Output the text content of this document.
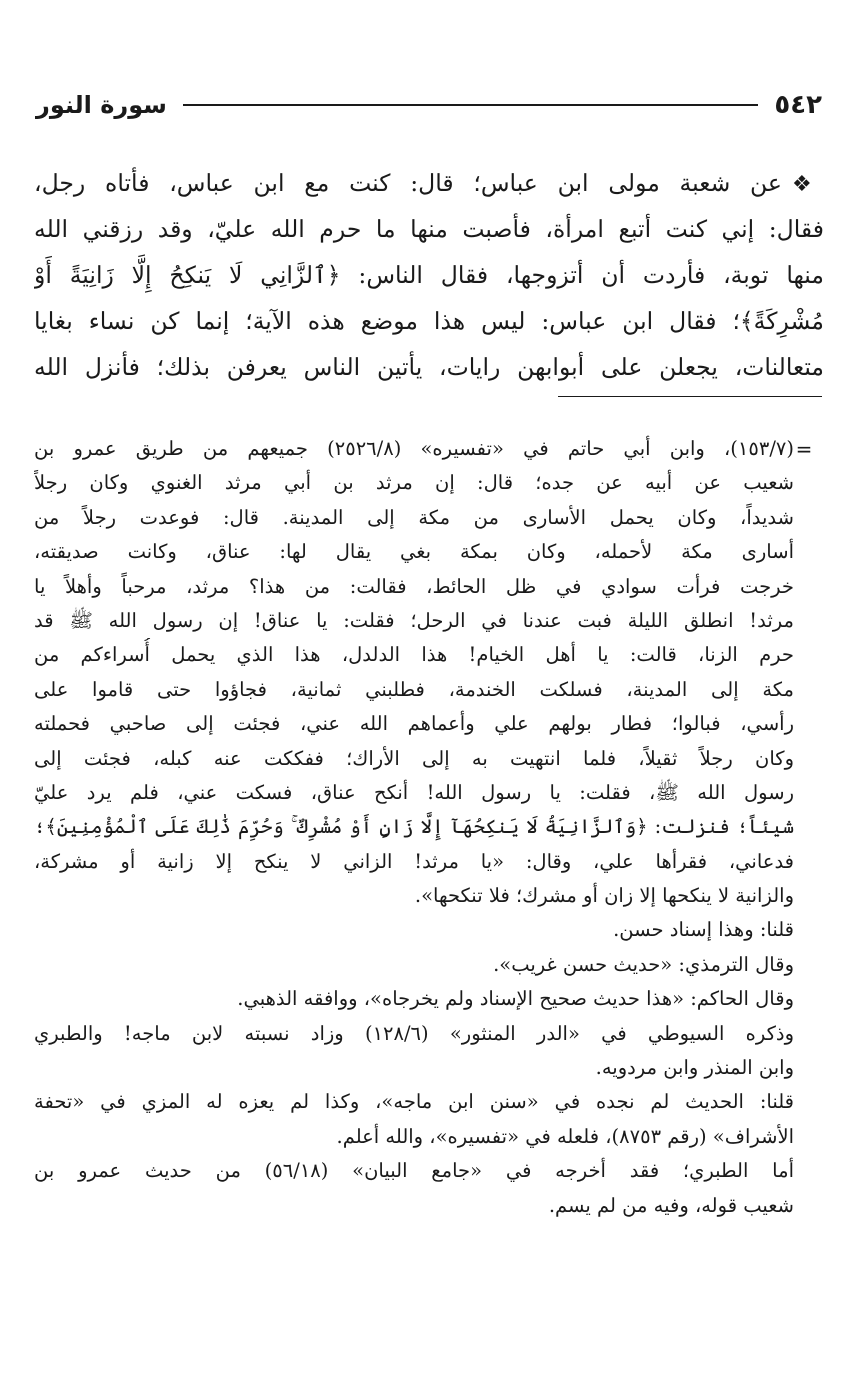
٥٤٢
سورة النور
❖عن شعبة مولى ابن عباس؛ قال: كنت مع ابن عباس، فأتاه رجل،
فقال: إني كنت أتبع امرأة، فأصبت منها ما حرم الله عليّ، وقد رزقني الله
منها توبة، فأردت أن أتزوجها، فقال الناس: ﴿ٱلزَّانِي لَا يَنكِحُ إِلَّا زَانِيَةً أَوْ
مُشْرِكَةً﴾؛ فقال ابن عباس: ليس هذا موضع هذه الآية؛ إنما كن نساء بغايا
متعالنات، يجعلن على أبوابهن رايات، يأتين الناس يعرفن بذلك؛ فأنزل الله
=
(١٥٣/٧)، وابن أبي حاتم في «تفسيره» (٢٥٢٦/٨) جميعهم من طريق عمرو بن
شعيب عن أبيه عن جده؛ قال: إن مرثد بن أبي مرثد الغنوي وكان رجلاً
شديداً، وكان يحمل الأسارى من مكة إلى المدينة. قال: فوعدت رجلاً من
أسارى مكة لأحمله، وكان بمكة بغي يقال لها: عناق، وكانت صديقته،
خرجت فرأت سوادي في ظل الحائط، فقالت: من هذا؟ مرثد، مرحباً وأهلاً يا
مرثد! انطلق الليلة فبت عندنا في الرحل؛ فقلت: يا عناق! إن رسول الله ﷺ قد
حرم الزنا، قالت: يا أهل الخيام! هذا الدلدل، هذا الذي يحمل أُسراءكم من
مكة إلى المدينة، فسلكت الخندمة، فطلبني ثمانية، فجاؤوا حتى قاموا على
رأسي، فبالوا؛ فطار بولهم علي وأعماهم الله عني، فجئت إلى صاحبي فحملته
وكان رجلاً ثقيلاً، فلما انتهيت به إلى الأراك؛ ففككت عنه كبله، فجئت إلى
رسول الله ﷺ، فقلت: يا رسول الله! أنكح عناق، فسكت عني، فلم يرد عليّ
شيئاً؛ فنزلت: ﴿وَٱلزَّانِيَةُ لَا يَنكِحُهَآ إِلَّا زَانٍ أَوْ مُشْرِكٌ ۚ وَحُرِّمَ ذَٰلِكَ عَلَى ٱلْمُؤْمِنِينَ﴾؛
فدعاني، فقرأها علي، وقال: «يا مرثد! الزاني لا ينكح إلا زانية أو مشركة،
والزانية لا ينكحها إلا زان أو مشرك؛ فلا تنكحها».
قلنا: وهذا إسناد حسن.
وقال الترمذي: «حديث حسن غريب».
وقال الحاكم: «هذا حديث صحيح الإسناد ولم يخرجاه»، ووافقه الذهبي.
وذكره السيوطي في «الدر المنثور» (١٢٨/٦) وزاد نسبته لابن ماجه! والطبري
وابن المنذر وابن مردويه.
قلنا: الحديث لم نجده في «سنن ابن ماجه»، وكذا لم يعزه له المزي في «تحفة
الأشراف» (رقم ٨٧٥٣)، فلعله في «تفسيره»، والله أعلم.
أما الطبري؛ فقد أخرجه في «جامع البيان» (٥٦/١٨) من حديث عمرو بن
شعيب قوله، وفيه من لم يسم.
